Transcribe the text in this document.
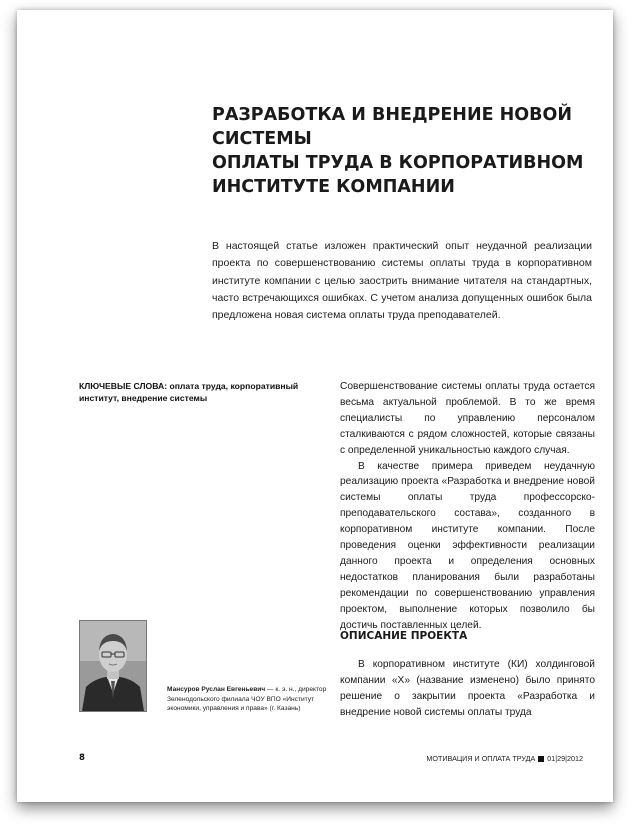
РАЗРАБОТКА И ВНЕДРЕНИЕ НОВОЙ СИСТЕМЫ
ОПЛАТЫ ТРУДА В КОРПОРАТИВНОМ
ИНСТИТУТЕ КОМПАНИИ

В настоящей статье изложен практический опыт неудачной реализации проекта по совершенствованию системы оплаты труда в корпоративном институте компании с целью заострить внимание читателя на стандартных, часто встречающихся ошибках. С учетом анализа допущенных ошибок была предложена новая система оплаты труда преподавателей.

КЛЮЧЕВЫЕ СЛОВА: оплата труда, корпоративный институт, внедрение системы

Совершенствование системы оплаты труда остается весьма актуальной проблемой. В то же время специалисты по управлению персоналом сталкиваются с рядом сложностей, которые связаны с определенной уникальностью каждого случая.

В качестве примера приведем неудачную реализацию проекта «Разработка и внедрение новой системы оплаты труда профессорско-преподавательского состава», созданного в корпоративном институте компании. После проведения оценки эффективности реализации данного проекта и определения основных недостатков планирования были разработаны рекомендации по совершенствованию управления проектом, выполнение которых позволило бы достичь поставленных целей.

ОПИСАНИЕ ПРОЕКТА

В корпоративном институте (КИ) холдинговой компании «Х» (название изменено) было принято решение о закрытии проекта «Разработка и внедрение новой системы оплаты труда

Мансуров Руслан Евгеньевич — к. э. н., директор Зеленодольского филиала ЧОУ ВПО «Институт экономики, управления и права» (г. Казань)
8	МОТИВАЦИЯ И ОПЛАТА ТРУДА 01|29|2012
